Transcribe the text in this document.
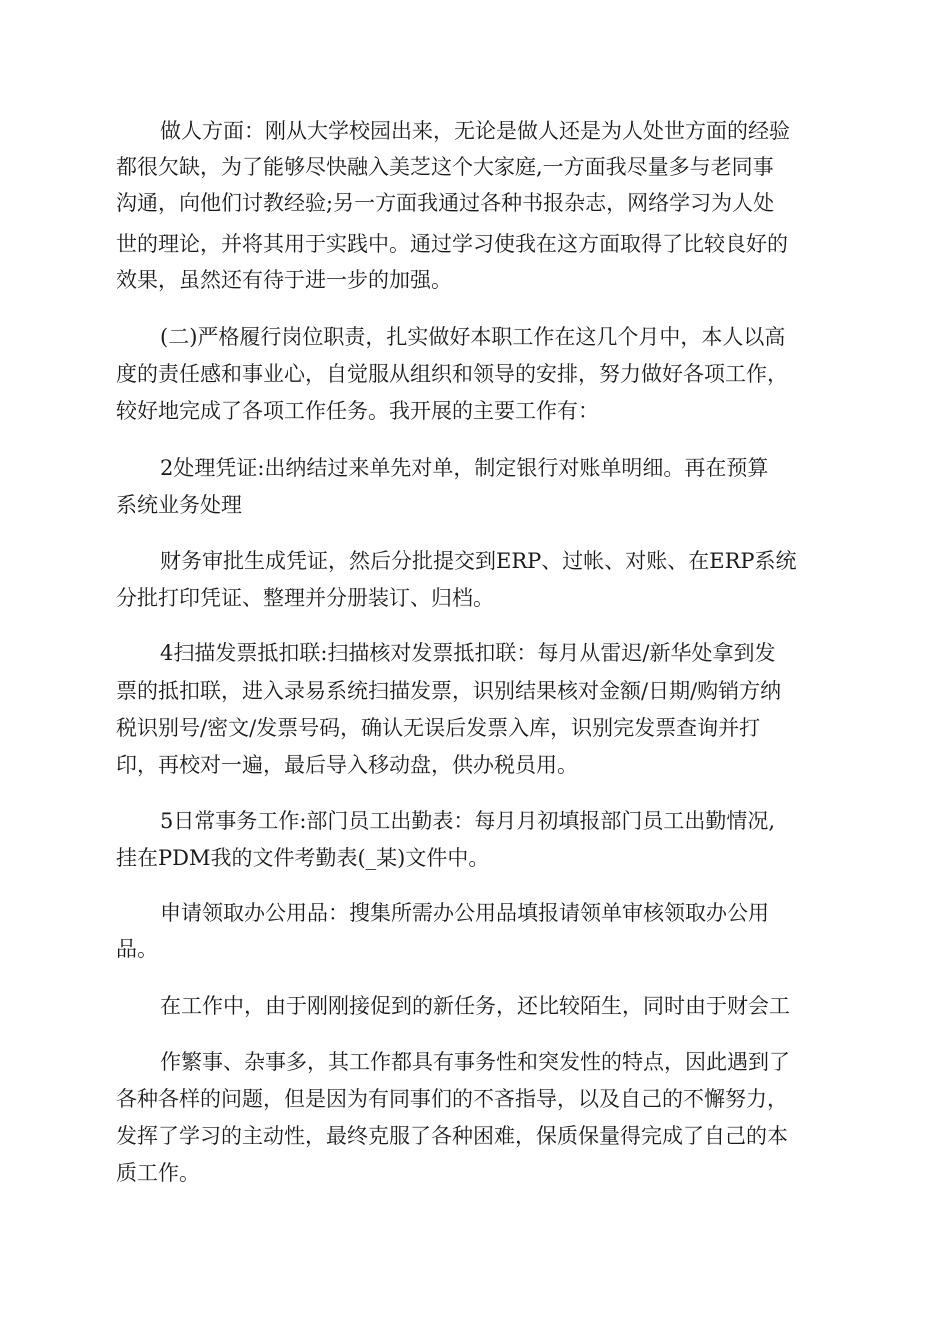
做人方面：刚从大学校园出来，无论是做人还是为人处世方面的经验
都很欠缺，为了能够尽快融入美芝这个大家庭,一方面我尽量多与老同事
沟通，向他们讨教经验;另一方面我通过各种书报杂志，网络学习为人处
世的理论，并将其用于实践中。通过学习使我在这方面取得了比较良好的
效果，虽然还有待于进一步的加强。
(二)严格履行岗位职责，扎实做好本职工作在这几个月中，本人以高
度的责任感和事业心，自觉服从组织和领导的安排，努力做好各项工作，
较好地完成了各项工作任务。我开展的主要工作有：
2处理凭证:出纳结过来单先对单，制定银行对账单明细。再在预算
系统业务处理
财务审批生成凭证，然后分批提交到ERP、过帐、对账、在ERP系统
分批打印凭证、整理并分册装订、归档。
4扫描发票抵扣联:扫描核对发票抵扣联：每月从雷迟/新华处拿到发
票的抵扣联，进入录易系统扫描发票，识别结果核对金额/日期/购销方纳
税识别号/密文/发票号码，确认无误后发票入库，识别完发票查询并打
印，再校对一遍，最后导入移动盘，供办税员用。
5日常事务工作:部门员工出勤表：每月月初填报部门员工出勤情况,
挂在PDM我的文件考勤表(_某)文件中。
申请领取办公用品：搜集所需办公用品填报请领单审核领取办公用
品。
在工作中，由于刚刚接促到的新任务，还比较陌生，同时由于财会工
作繁事、杂事多，其工作都具有事务性和突发性的特点，因此遇到了
各种各样的问题，但是因为有同事们的不吝指导，以及自己的不懈努力，
发挥了学习的主动性，最终克服了各种困难，保质保量得完成了自己的本
质工作。
